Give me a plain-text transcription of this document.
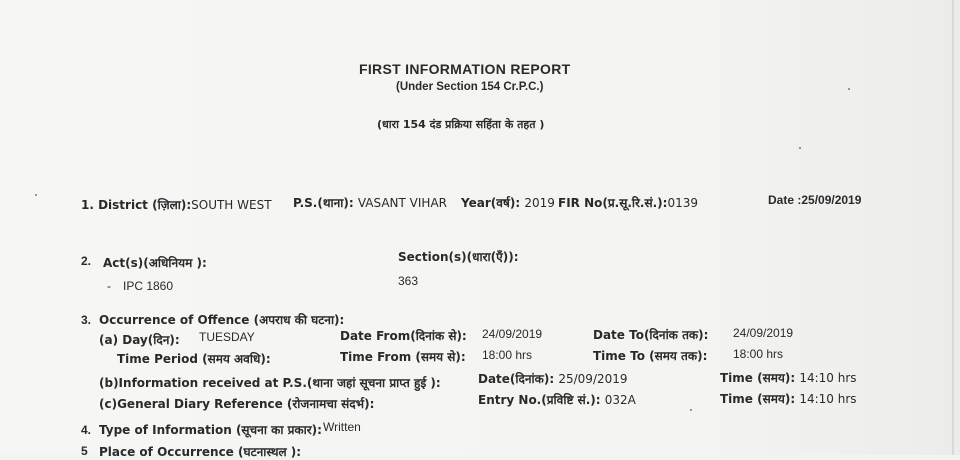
FIRST INFORMATION REPORT
(Under Section 154 Cr.P.C.)
(धारा 154 दंड प्रक्रिया सहिंता के तहत )
1. District (ज़िला):SOUTH WEST P.S.(थाना): VASANT VIHAR Year(वर्ष): 2019 FIR No(प्र.सू.रि.सं.):0139	Date :25/09/2019
2. Act(s)(अधिनियम ):	Section(s)(धारा(एँ)):
- IPC 1860	363
3. Occurrence of Offence (अपराध की घटना):
(a) Day(दिन): TUESDAY	Date From(दिनांक से): 24/09/2019	Date To(दिनांक तक): 24/09/2019
Time Period (समय अवधि):	Time From (समय से): 18:00 hrs	Time To (समय तक): 18:00 hrs
(b)Information received at P.S.(थाना जहां सूचना प्राप्त हुई ):	Date(दिनांक): 25/09/2019	Time (समय): 14:10 hrs
(c)General Diary Reference (रोजनामचा संदर्भ):	Entry No.(प्रविष्टि सं.): 032A	Time (समय): 14:10 hrs
4. Type of Information (सूचना का प्रकार): Written
5 Place of Occurrence (घटनास्थल ):
